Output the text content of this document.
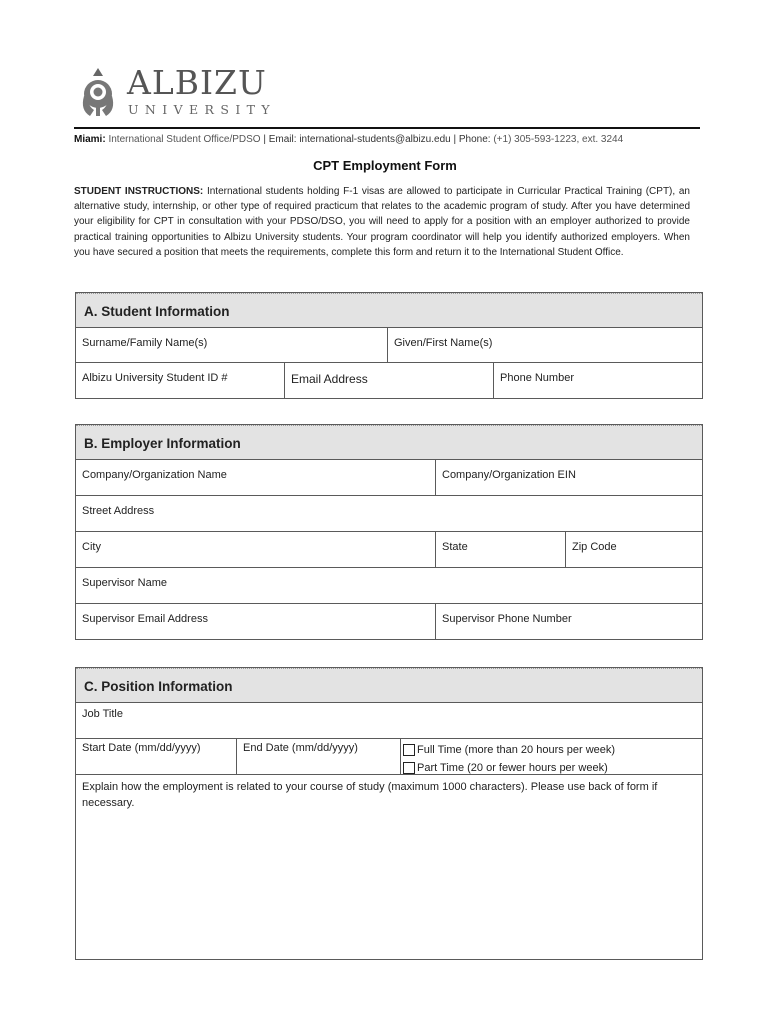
ALBIZU
UNIVERSITY
Miami: International Student Office/PDSO | Email: international-students@albizu.edu | Phone: (+1) 305-593-1223, ext. 3244
CPT Employment Form
STUDENT INSTRUCTIONS: International students holding F-1 visas are allowed to participate in Curricular Practical Training (CPT), an alternative study, internship, or other type of required practicum that relates to the academic program of study. After you have determined your eligibility for CPT in consultation with your PDSO/DSO, you will need to apply for a position with an employer authorized to provide practical training opportunities to Albizu University students. Your program coordinator will help you identify authorized employers. When you have secured a position that meets the requirements, complete this form and return it to the International Student Office.
A. Student Information
Surname/Family Name(s)	Given/First Name(s)
Albizu University Student ID #	Email Address	Phone Number
B. Employer Information
Company/Organization Name	Company/Organization EIN
Street Address
City	State	Zip Code
Supervisor Name
Supervisor Email Address	Supervisor Phone Number
C. Position Information
Job Title
Start Date (mm/dd/yyyy)	End Date (mm/dd/yyyy)	Full Time (more than 20 hours per week)
Part Time (20 or fewer hours per week)
Explain how the employment is related to your course of study (maximum 1000 characters). Please use back of form if necessary.
